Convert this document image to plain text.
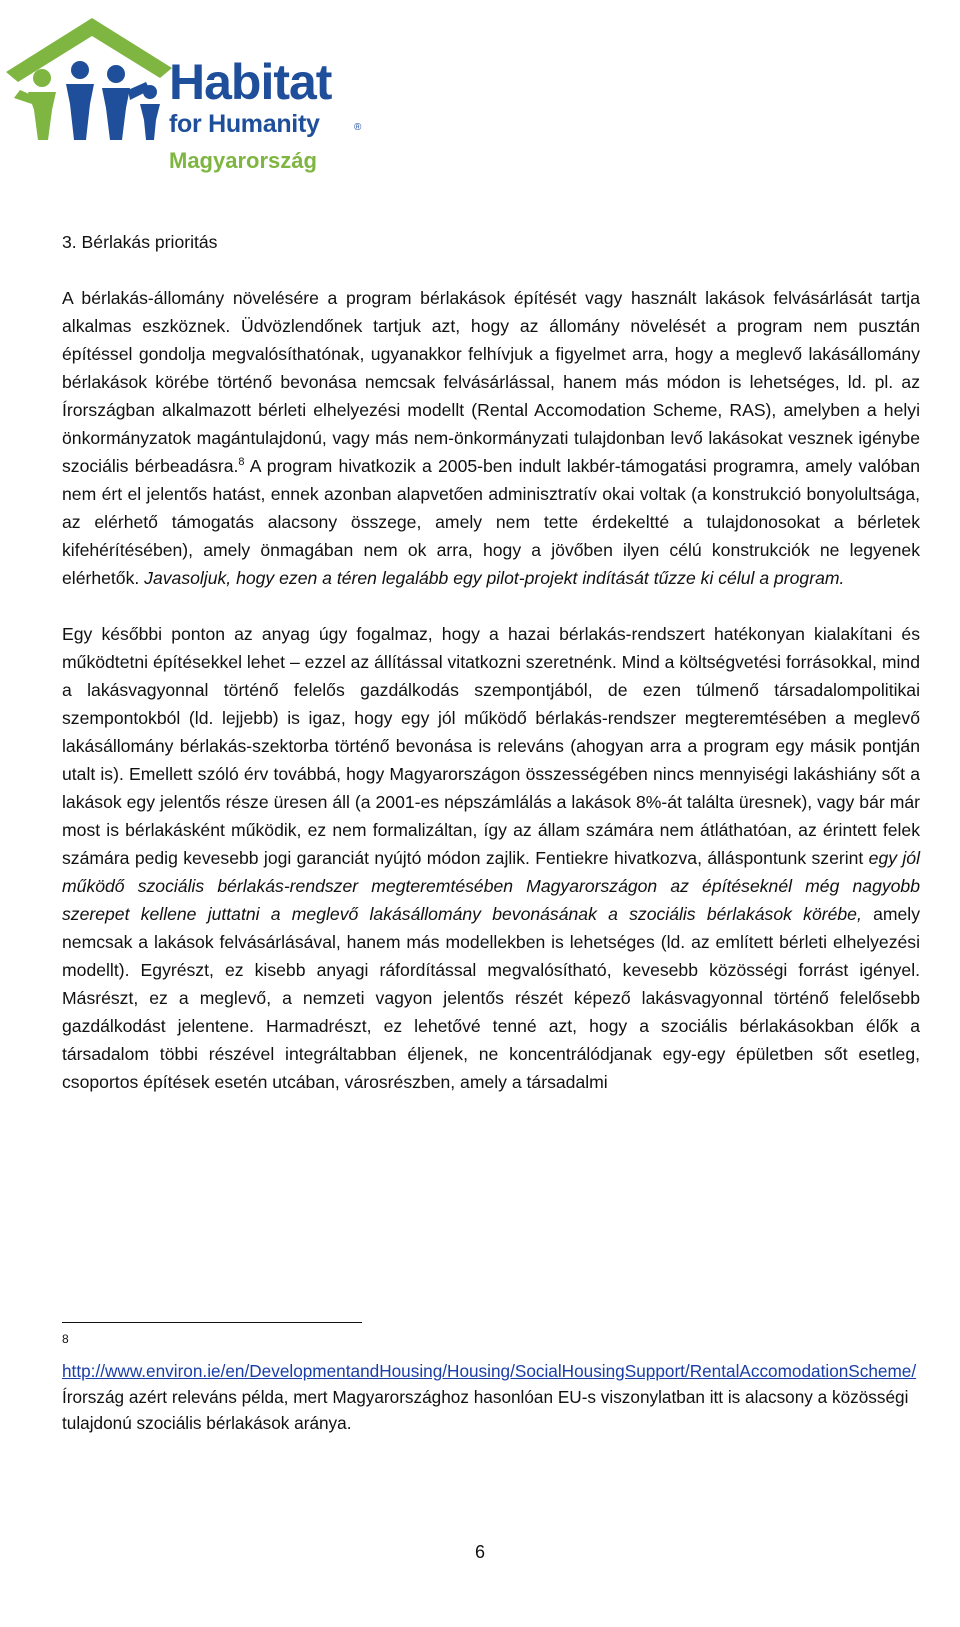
Habitat
for Humanity	®
Magyarország
3. Bérlakás prioritás

A bérlakás-állomány növelésére a program bérlakások építését vagy használt lakások felvásárlását tartja alkalmas eszköznek. Üdvözlendőnek tartjuk azt, hogy az állomány növelését a program nem pusztán építéssel gondolja megvalósíthatónak, ugyanakkor felhívjuk a figyelmet arra, hogy a meglevő lakásállomány bérlakások körébe történő bevonása nemcsak felvásárlással, hanem más módon is lehetséges, ld. pl. az Írországban alkalmazott bérleti elhelyezési modellt (Rental Accomodation Scheme, RAS), amelyben a helyi önkormányzatok magántulajdonú, vagy más nem-önkormányzati tulajdonban levő lakásokat vesznek igénybe szociális bérbeadásra.$^8$ A program hivatkozik a 2005-ben indult lakbér-támogatási programra, amely valóban nem ért el jelentős hatást, ennek azonban alapvetően adminisztratív okai voltak (a konstrukció bonyolultsága, az elérhető támogatás alacsony összege, amely nem tette érdekeltté a tulajdonosokat a bérletek kifehérítésében), amely önmagában nem ok arra, hogy a jövőben ilyen célú konstrukciók ne legyenek elérhetők. Javasoljuk, hogy ezen a téren legalább egy pilot-projekt indítását tűzze ki célul a program.

Egy későbbi ponton az anyag úgy fogalmaz, hogy a hazai bérlakás-rendszert hatékonyan kialakítani és működtetni építésekkel lehet – ezzel az állítással vitatkozni szeretnénk. Mind a költségvetési forrásokkal, mind a lakásvagyonnal történő felelős gazdálkodás szempontjából, de ezen túlmenő társadalompolitikai szempontokból (ld. lejjebb) is igaz, hogy egy jól működő bérlakás-rendszer megteremtésében a meglevő lakásállomány bérlakás-szektorba történő bevonása is releváns (ahogyan arra a program egy másik pontján utalt is). Emellett szóló érv továbbá, hogy Magyarországon összességében nincs mennyiségi lakáshiány sőt a lakások egy jelentős része üresen áll (a 2001-es népszámlálás a lakások 8%-át találta üresnek), vagy bár már most is bérlakásként működik, ez nem formalizáltan, így az állam számára nem átláthatóan, az érintett felek számára pedig kevesebb jogi garanciát nyújtó módon zajlik. Fentiekre hivatkozva, álláspontunk szerint egy jól működő szociális bérlakás-rendszer megteremtésében Magyarországon az építéseknél még nagyobb szerepet kellene juttatni a meglevő lakásállomány bevonásának a szociális bérlakások körébe, amely nemcsak a lakások felvásárlásával, hanem más modellekben is lehetséges (ld. az említett bérleti elhelyezési modellt). Egyrészt, ez kisebb anyagi ráfordítással megvalósítható, kevesebb közösségi forrást igényel. Másrészt, ez a meglevő, a nemzeti vagyon jelentős részét képező lakásvagyonnal történő felelősebb gazdálkodást jelentene. Harmadrészt, ez lehetővé tenné azt, hogy a szociális bérlakásokban élők a társadalom többi részével integráltabban éljenek, ne koncentrálódjanak egy-egy épületben sőt esetleg, csoportos építések esetén utcában, városrészben, amely a társadalmi

8
http://www.environ.ie/en/DevelopmentandHousing/Housing/SocialHousingSupport/RentalAccomodationScheme/ Írország azért releváns példa, mert Magyarországhoz hasonlóan EU-s viszonylatban itt is alacsony a közösségi tulajdonú szociális bérlakások aránya.
6
